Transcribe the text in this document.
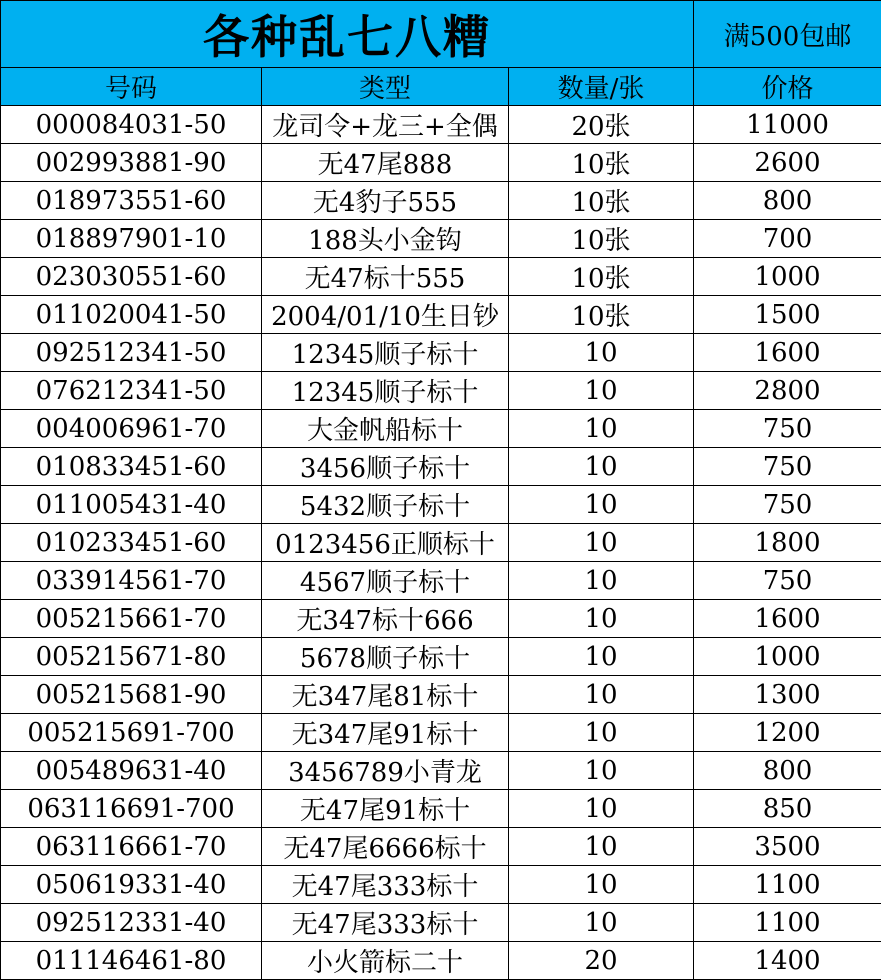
各种乱七八糟			满500包邮
号码	类型	数量/张	价格
000084031-50	龙司令+龙三+全偶	20张	11000
002993881-90	无47尾888	10张	2600
018973551-60	无4豹子555	10张	800
018897901-10	188头小金钩	10张	700
023030551-60	无47标十555	10张	1000
011020041-50	2004/01/10生日钞	10张	1500
092512341-50	12345顺子标十	10	1600
076212341-50	12345顺子标十	10	2800
004006961-70	大金帆船标十	10	750
010833451-60	3456顺子标十	10	750
011005431-40	5432顺子标十	10	750
010233451-60	0123456正顺标十	10	1800
033914561-70	4567顺子标十	10	750
005215661-70	无347标十666	10	1600
005215671-80	5678顺子标十	10	1000
005215681-90	无347尾81标十	10	1300
005215691-700	无347尾91标十	10	1200
005489631-40	3456789小青龙	10	800
063116691-700	无47尾91标十	10	850
063116661-70	无47尾6666标十	10	3500
050619331-40	无47尾333标十	10	1100
092512331-40	无47尾333标十	10	1100
011146461-80	小火箭标二十	20	1400
